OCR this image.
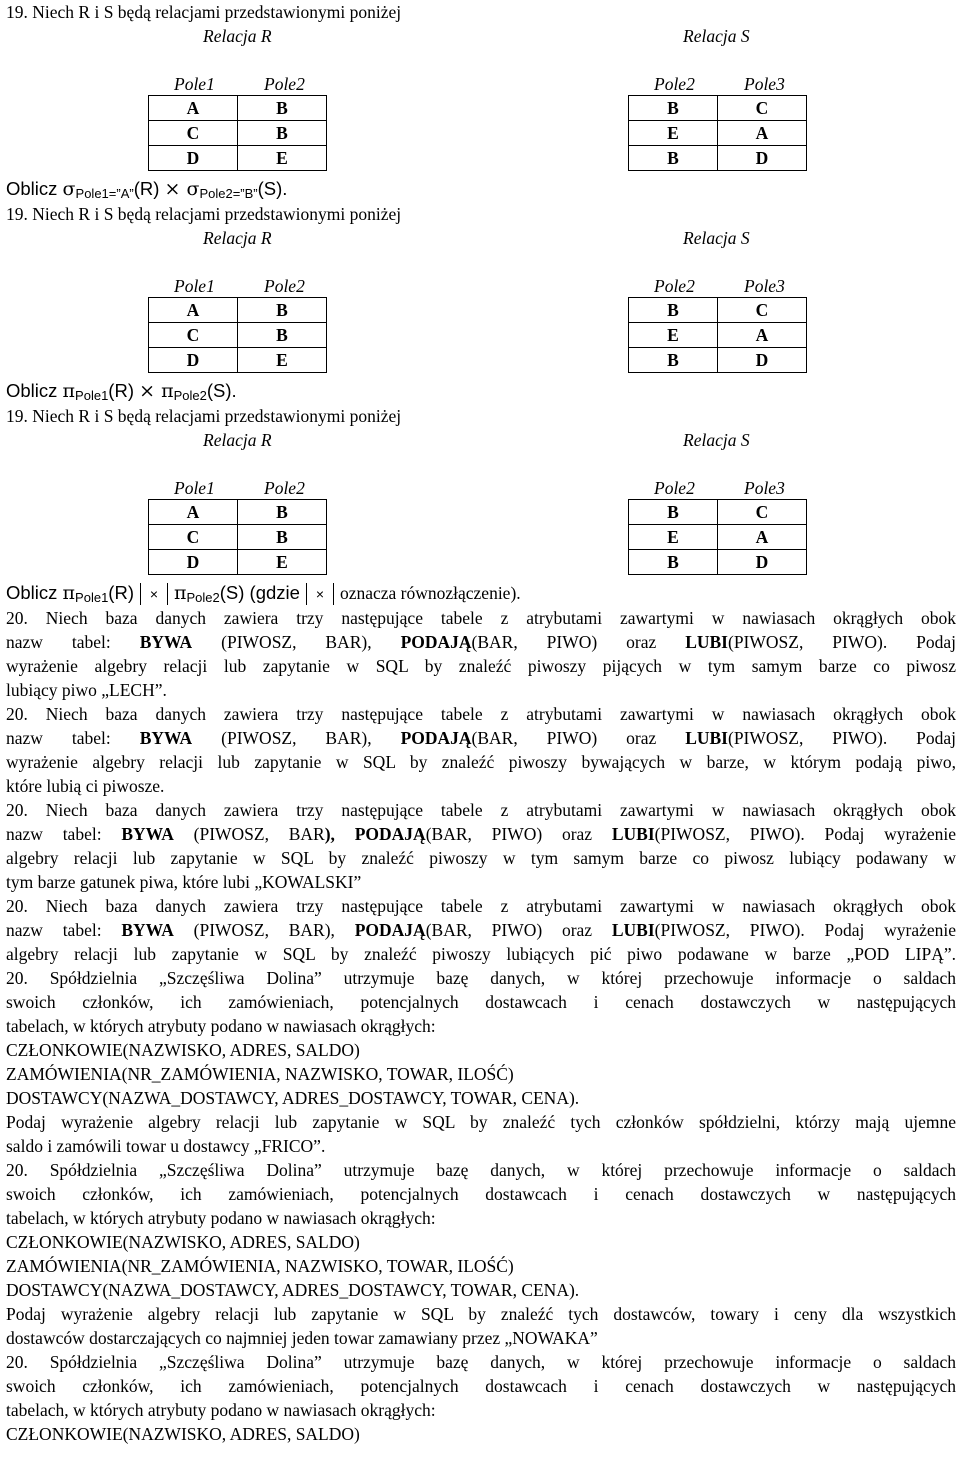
19. Niech R i S będą relacjami przedstawionymi poniżej
Relacja R	Relacja S
Pole1	Pole2	Pole2	Pole3
A	B
C	B
D	E
B	C
E	A
B	D
Oblicz $\sigma_{Pole1=”A”}(R) \times \sigma_{Pole2=”B”}(S)$.
19. Niech R i S będą relacjami przedstawionymi poniżej
Relacja R	Relacja S
Pole1	Pole2	Pole2	Pole3
A	B
C	B
D	E
B	C
E	A
B	D
Oblicz $\pi_{Pole1}(R) \times \pi_{Pole2}(S)$.
19. Niech R i S będą relacjami przedstawionymi poniżej
Relacja R	Relacja S
Pole1	Pole2	Pole2	Pole3
A	B
C	B
D	E
B	C
E	A
B	D
Oblicz $\pi_{Pole1}(R) \times \pi_{Pole2}(S)$ (gdzie × oznacza równozłączenie).
20. Niech baza danych zawiera trzy następujące tabele z atrybutami zawartymi w nawiasach okrągłych obok
nazw tabel: BYWA (PIWOSZ, BAR), PODAJĄ(BAR, PIWO) oraz LUBI(PIWOSZ, PIWO). Podaj
wyrażenie algebry relacji lub zapytanie w SQL by znaleźć piwoszy pijących w tym samym barze co piwosz
lubiący piwo „LECH”.
20. Niech baza danych zawiera trzy następujące tabele z atrybutami zawartymi w nawiasach okrągłych obok
nazw tabel: BYWA (PIWOSZ, BAR), PODAJĄ(BAR, PIWO) oraz LUBI(PIWOSZ, PIWO). Podaj
wyrażenie algebry relacji lub zapytanie w SQL by znaleźć piwoszy bywających w barze, w którym podają piwo,
które lubią ci piwosze.
20. Niech baza danych zawiera trzy następujące tabele z atrybutami zawartymi w nawiasach okrągłych obok
nazw tabel: BYWA (PIWOSZ, BAR), PODAJĄ(BAR, PIWO) oraz LUBI(PIWOSZ, PIWO). Podaj wyrażenie
algebry relacji lub zapytanie w SQL by znaleźć piwoszy w tym samym barze co piwosz lubiący podawany w
tym barze gatunek piwa, które lubi „KOWALSKI”
20. Niech baza danych zawiera trzy następujące tabele z atrybutami zawartymi w nawiasach okrągłych obok
nazw tabel: BYWA (PIWOSZ, BAR), PODAJĄ(BAR, PIWO) oraz LUBI(PIWOSZ, PIWO). Podaj wyrażenie
algebry relacji lub zapytanie w SQL by znaleźć piwoszy lubiących pić piwo podawane w barze „POD LIPĄ”.
20. Spółdzielnia „Szczęśliwa Dolina” utrzymuje bazę danych, w której przechowuje informacje o saldach
swoich członków, ich zamówieniach, potencjalnych dostawcach i cenach dostawczych w następujących
tabelach, w których atrybuty podano w nawiasach okrągłych:
CZŁONKOWIE(NAZWISKO, ADRES, SALDO)
ZAMÓWIENIA(NR_ZAMÓWIENIA, NAZWISKO, TOWAR, ILOŚĆ)
DOSTAWCY(NAZWA_DOSTAWCY, ADRES_DOSTAWCY, TOWAR, CENA).
Podaj wyrażenie algebry relacji lub zapytanie w SQL by znaleźć tych członków spółdzielni, którzy mają ujemne
saldo i zamówili towar u dostawcy „FRICO”.
20. Spółdzielnia „Szczęśliwa Dolina” utrzymuje bazę danych, w której przechowuje informacje o saldach
swoich członków, ich zamówieniach, potencjalnych dostawcach i cenach dostawczych w następujących
tabelach, w których atrybuty podano w nawiasach okrągłych:
CZŁONKOWIE(NAZWISKO, ADRES, SALDO)
ZAMÓWIENIA(NR_ZAMÓWIENIA, NAZWISKO, TOWAR, ILOŚĆ)
DOSTAWCY(NAZWA_DOSTAWCY, ADRES_DOSTAWCY, TOWAR, CENA).
Podaj wyrażenie algebry relacji lub zapytanie w SQL by znaleźć tych dostawców, towary i ceny dla wszystkich
dostawców dostarczających co najmniej jeden towar zamawiany przez „NOWAKA”
20. Spółdzielnia „Szczęśliwa Dolina” utrzymuje bazę danych, w której przechowuje informacje o saldach
swoich członków, ich zamówieniach, potencjalnych dostawcach i cenach dostawczych w następujących
tabelach, w których atrybuty podano w nawiasach okrągłych:
CZŁONKOWIE(NAZWISKO, ADRES, SALDO)
